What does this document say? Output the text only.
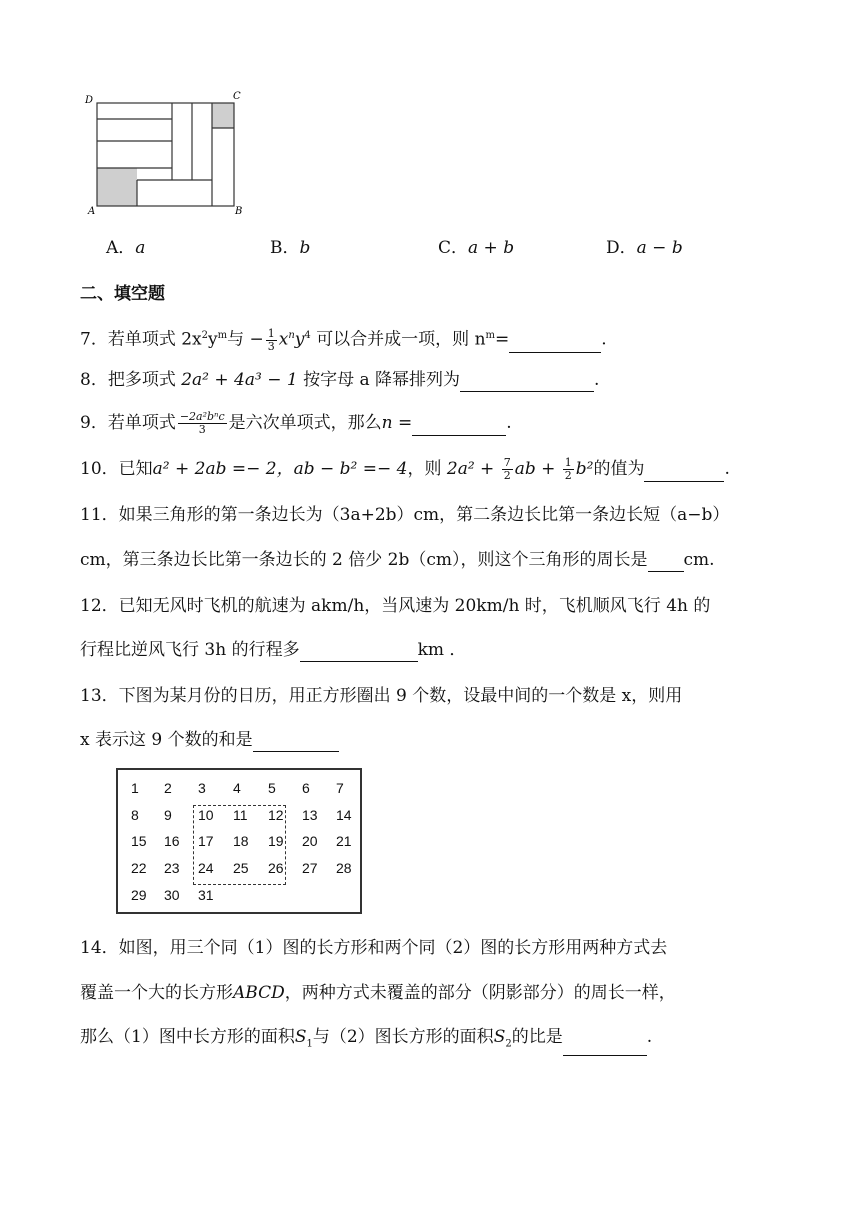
D	C
A	B
A．a	B．b	C．a + b	D．a − b
二、填空题
7．若单项式 $2x^2y^m$与 − $\frac{1}{3} x^ny^4$ 可以合并成一项，则 $n^m=$	.
8．把多项式 2a² + 4a³ − 1 按字母 a 降幂排列为	.
9．若单项式 $\frac{\text{−2a²bⁿc}}{3}$ 是六次单项式，那么n =	.
10．已知a² + 2ab =− 2，ab − b² =− 4，则 $2a^2 + \frac{7}{2}$ ab + $\frac{1}{2} b^2$的值为	.
11．如果三角形的第一条边长为（3a+2b）cm，第二条边长比第一条边长短（a−b）
cm，第三条边长比第一条边长的 2 倍少 2b（cm），则这个三角形的周长是 cm.
12．已知无风时飞机的航速为 akm/h，当风速为 20km/h 时，飞机顺风飞行 4h 的
行程比逆风飞行 3h 的行程多	km ．
13．下图为某月份的日历，用正方形圈出 9 个数，设最中间的一个数是 x，则用
x 表示这 9 个数的和是
1 2 3 4 5 6 7
8 9 10 11 12 13 14
15 16 17 18 19 20 21
22 23 24 25 26 27 28
29 30 31
14．如图，用三个同（1）图的长方形和两个同（2）图的长方形用两种方式去
覆盖一个大的长方形ABCD，两种方式未覆盖的部分（阴影部分）的周长一样，
那么（1）图中长方形的面积$S_1$与（2）图长方形的面积$S_2$的比是	.
